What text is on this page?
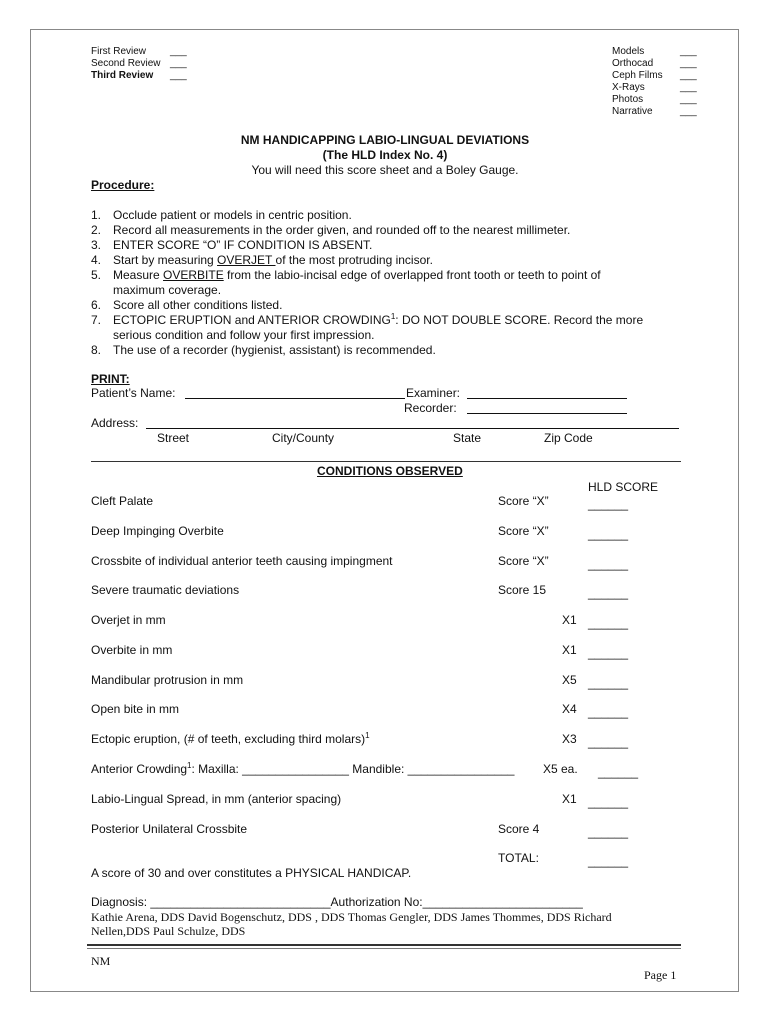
First Review ___
Second Review ___
Third Review ___
Models	___
Orthocad	___
Ceph Films ___
X-Rays	___
Photos	___
Narrative	___
NM HANDICAPPING LABIO-LINGUAL DEVIATIONS
(The HLD Index No. 4)
You will need this score sheet and a Boley Gauge.
Procedure:
1. Occlude patient or models in centric position.
2. Record all measurements in the order given, and rounded off to the nearest millimeter.
3. ENTER SCORE “O” IF CONDITION IS ABSENT.
4. Start by measuring OVERJET of the most protruding incisor.
5. Measure OVERBITE from the labio-incisal edge of overlapped front tooth or teeth to point of
maximum coverage.
6. Score all other conditions listed.
7. ECTOPIC ERUPTION and ANTERIOR CROWDING$^1$: DO NOT DOUBLE SCORE. Record the more
serious condition and follow your first impression.
8. The use of a recorder (hygienist, assistant) is recommended.
PRINT:
Patient’s Name:	Examiner:
Recorder:
Address:
Street	City/County	State	Zip Code
CONDITIONS OBSERVED
HLD SCORE
Cleft Palate	Score “X”	______
Deep Impinging Overbite	Score “X”	______
Crossbite of individual anterior teeth causing impingment	Score “X”	______
Severe traumatic deviations	Score 15	______
Overjet in mm	X1 ______
Overbite in mm	X1 ______
Mandibular protrusion in mm	X5 ______
Open bite in mm	X4 ______
Ectopic eruption, (# of teeth, excluding third molars)$^1$	X3 ______
Anterior Crowding$^1$: Maxilla: ________________ Mandible: ________________ X5 ea. ______
Labio-Lingual Spread, in mm (anterior spacing)	X1 ______
Posterior Unilateral Crossbite	Score 4	______
TOTAL:	______
A score of 30 and over constitutes a PHYSICAL HANDICAP.
Diagnosis: ___________________________Authorization No:________________________
Kathie Arena, DDS David Bogenschutz, DDS , DDS Thomas Gengler, DDS James Thommes, DDS Richard
Nellen,DDS Paul Schulze, DDS
NM
Page 1
